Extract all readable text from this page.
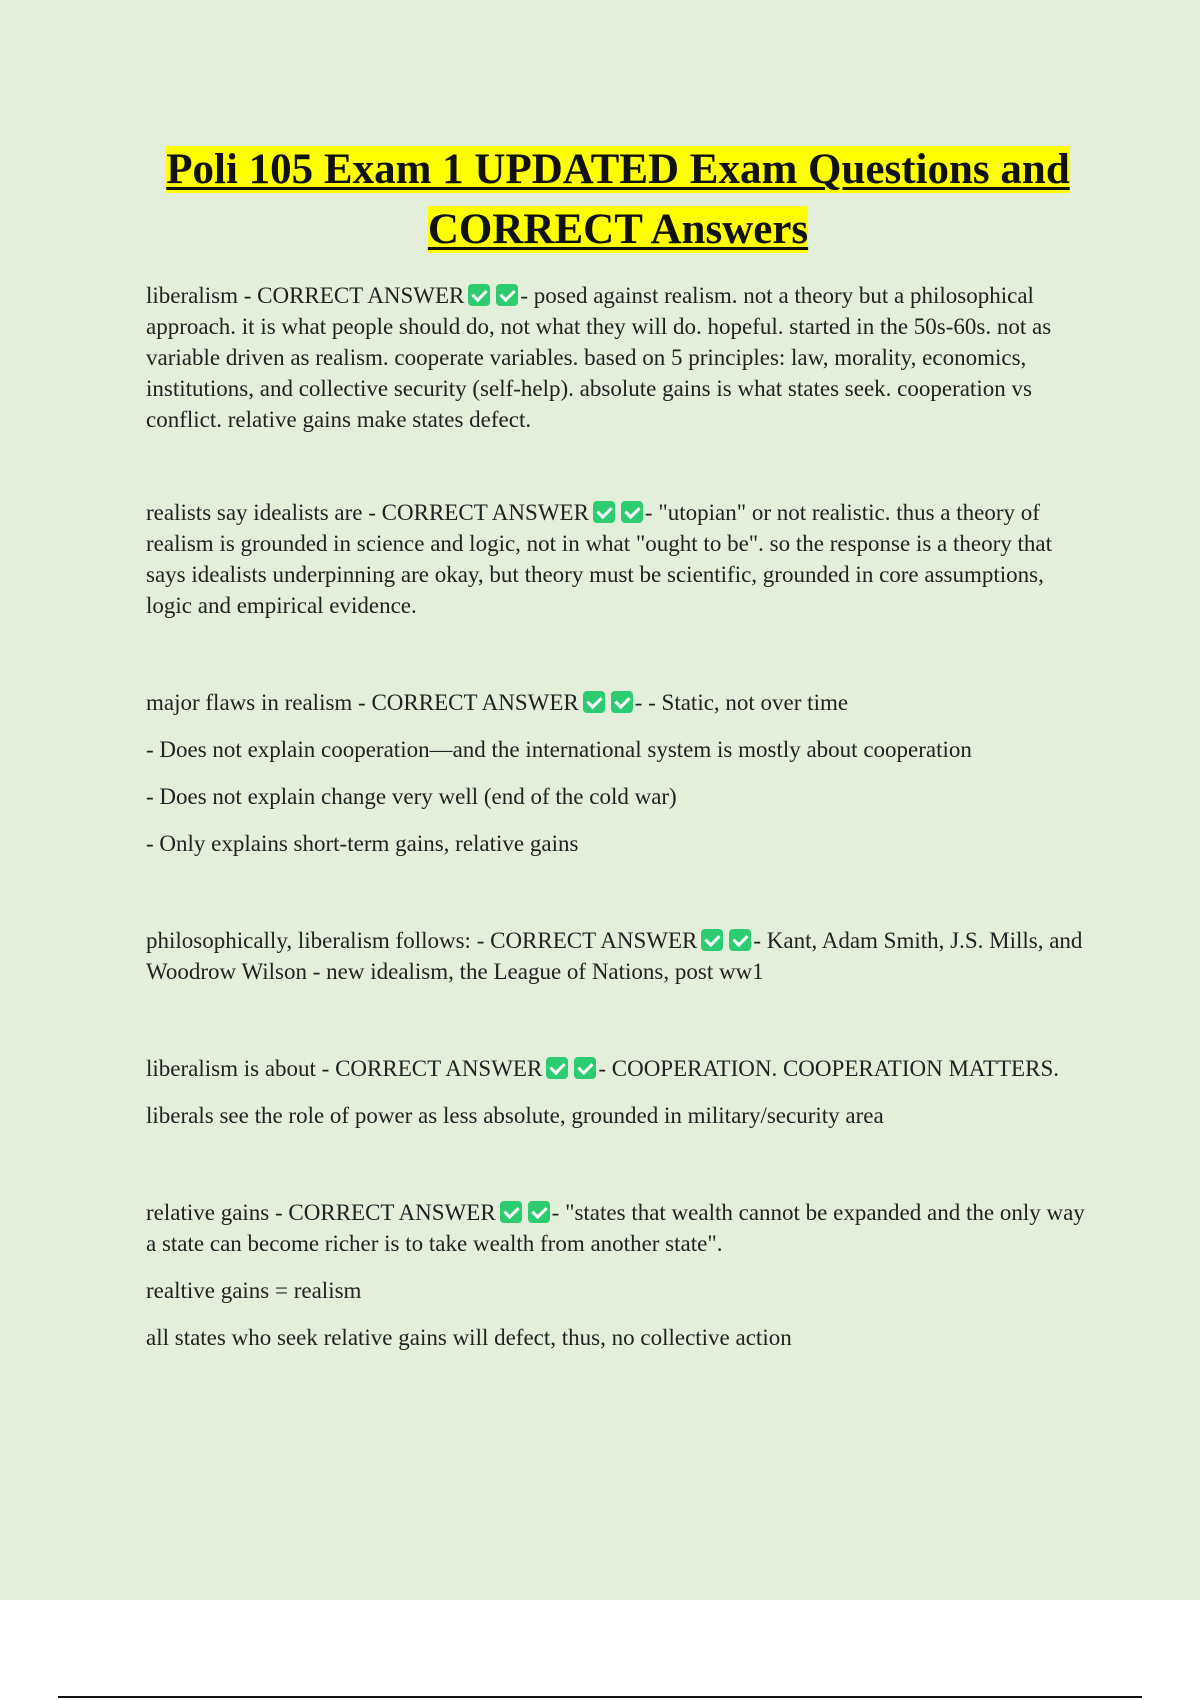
Poli 105 Exam 1 UPDATED Exam Questions and CORRECT Answers

liberalism - CORRECT ANSWER - posed against realism. not a theory but a philosophical approach. it is what people should do, not what they will do. hopeful. started in the 50s-60s. not as variable driven as realism. cooperate variables. based on 5 principles: law, morality, economics, institutions, and collective security (self-help). absolute gains is what states seek. cooperation vs conflict. relative gains make states defect.

realists say idealists are - CORRECT ANSWER - "utopian" or not realistic. thus a theory of realism is grounded in science and logic, not in what "ought to be". so the response is a theory that says idealists underpinning are okay, but theory must be scientific, grounded in core assumptions, logic and empirical evidence.

major flaws in realism - CORRECT ANSWER - - Static, not over time

- Does not explain cooperation—and the international system is mostly about cooperation

- Does not explain change very well (end of the cold war)

- Only explains short-term gains, relative gains

philosophically, liberalism follows: - CORRECT ANSWER - Kant, Adam Smith, J.S. Mills, and Woodrow Wilson - new idealism, the League of Nations, post ww1

liberalism is about - CORRECT ANSWER - COOPERATION. COOPERATION MATTERS.

liberals see the role of power as less absolute, grounded in military/security area

relative gains - CORRECT ANSWER - "states that wealth cannot be expanded and the only way a state can become richer is to take wealth from another state".

realtive gains = realism

all states who seek relative gains will defect, thus, no collective action
